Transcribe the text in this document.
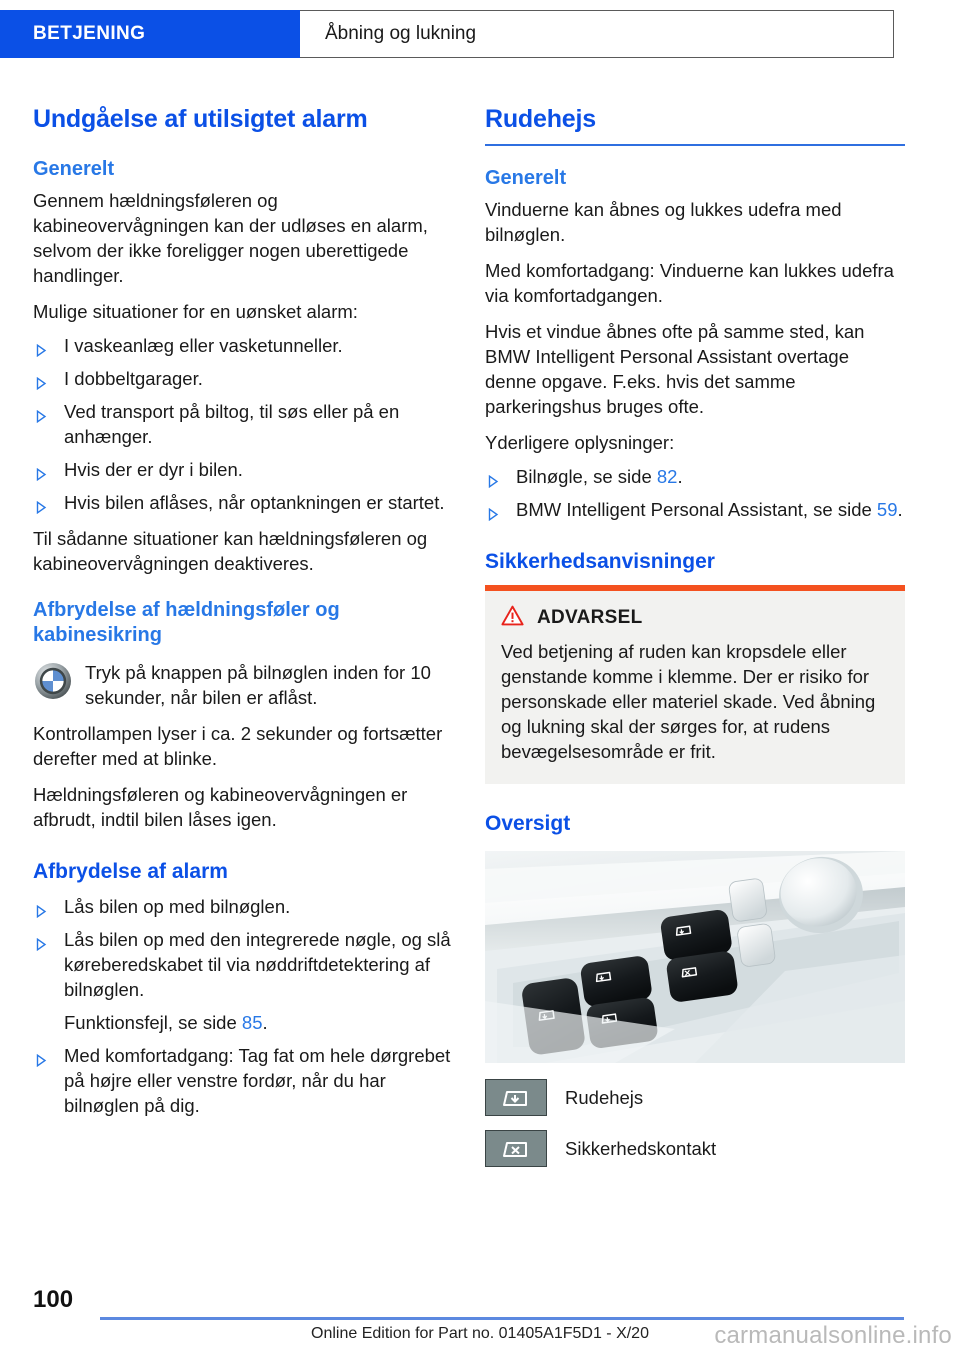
BETJENING	Åbning og lukning
Undgåelse af utilsigtet alarm
Generelt

Gennem hældningsføleren og kabineovervågningen kan der udløses en alarm, selvom der ikke foreligger nogen uberettigede handlinger.

Mulige situationer for en uønsket alarm:

I vaskeanlæg eller vasketunneller.
I dobbeltgarager.
Ved transport på biltog, til søs eller på en anhænger.
Hvis der er dyr i bilen.
Hvis bilen aflåses, når optankningen er startet.

Til sådanne situationer kan hældningsføleren og kabineovervågningen deaktiveres.

Afbrydelse af hældningsføler og kabinesikring

Tryk på knappen på bilnøglen inden for 10 sekunder, når bilen er aflåst.

Kontrollampen lyser i ca. 2 sekunder og fortsætter derefter med at blinke.

Hældningsføleren og kabineovervågningen er afbrudt, indtil bilen låses igen.

Afbrydelse af alarm
Lås bilen op med bilnøglen.
Lås bilen op med den integrerede nøgle, og slå køreberedskabet til via nøddriftdetektering af bilnøglen.
Funktionsfejl, se side 85.
Med komfortadgang: Tag fat om hele dørgrebet på højre eller venstre fordør, når du har bilnøglen på dig.
Rudehejs
Generelt

Vinduerne kan åbnes og lukkes udefra med bilnøglen.

Med komfortadgang: Vinduerne kan lukkes udefra via komfortadgangen.

Hvis et vindue åbnes ofte på samme sted, kan BMW Intelligent Personal Assistant overtage denne opgave. F.eks. hvis det samme parkeringshus bruges ofte.

Yderligere oplysninger:

Bilnøgle, se side 82.
BMW Intelligent Personal Assistant, se side 59.
Sikkerhedsanvisninger
ADVARSEL

Ved betjening af ruden kan kropsdele eller genstande komme i klemme. Der er risiko for personskade eller materiel skade. Ved åbning og lukning skal der sørges for, at rudens bevægelsesområde er frit.

Oversigt
Rudehejs
Sikkerhedskontakt
100
Online Edition for Part no. 01405A1F5D1 - X/20	carmanualsonline.info
